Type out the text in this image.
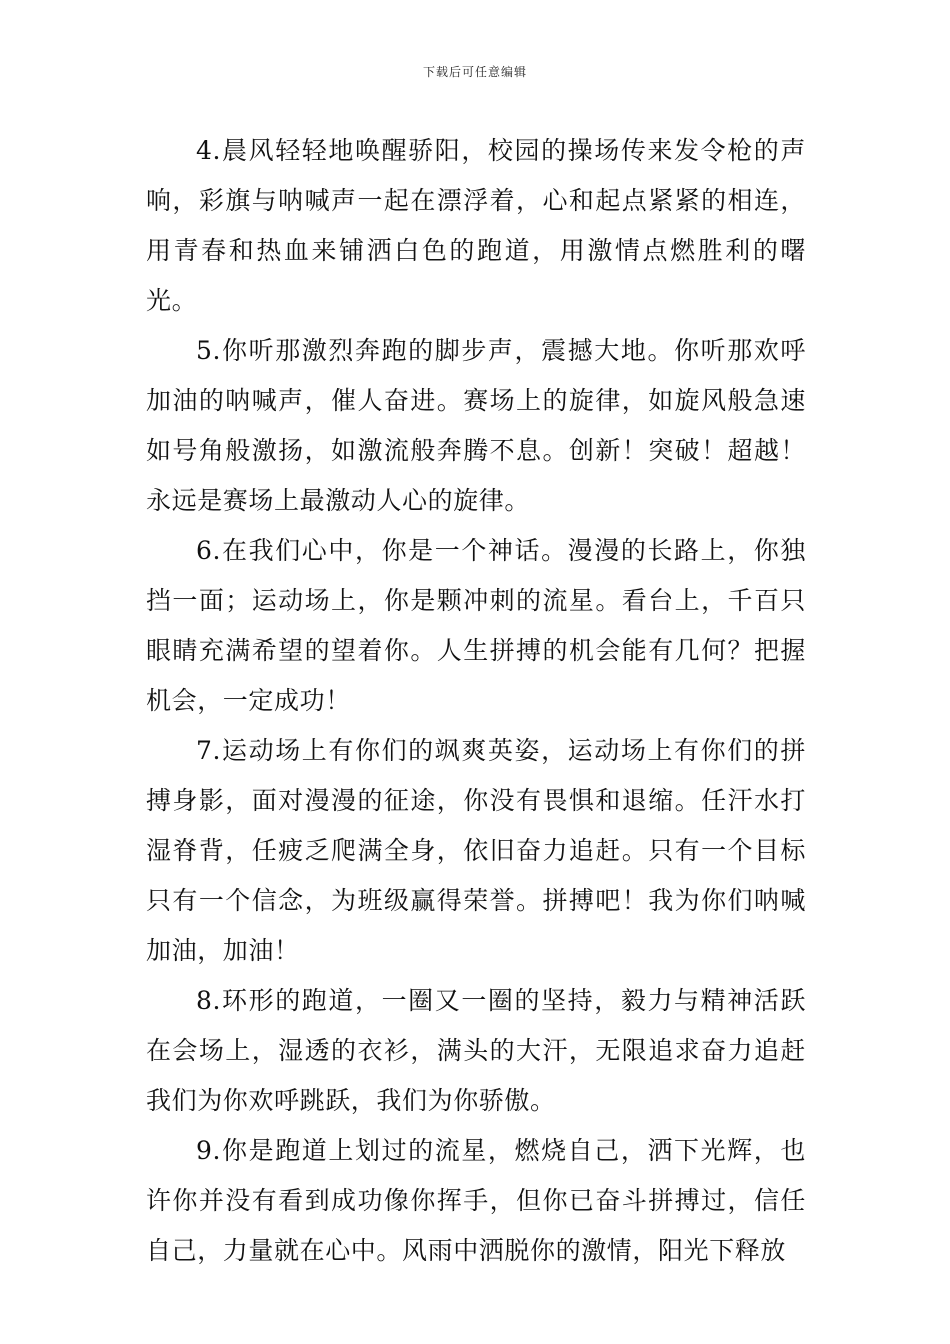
下载后可任意编辑

4.晨风轻轻地唤醒骄阳，校园的操场传来发令枪的声响，彩旗与呐喊声一起在漂浮着，心和起点紧紧的相连，用青春和热血来铺洒白色的跑道，用激情点燃胜利的曙光。

5.你听那激烈奔跑的脚步声，震撼大地。你听那欢呼加油的呐喊声，催人奋进。赛场上的旋律，如旋风般急速如号角般激扬，如激流般奔腾不息。创新！突破！超越！永远是赛场上最激动人心的旋律。

6.在我们心中，你是一个神话。漫漫的长路上，你独挡一面；运动场上，你是颗冲刺的流星。看台上，千百只眼睛充满希望的望着你。人生拼搏的机会能有几何？把握机会，一定成功！

7.运动场上有你们的飒爽英姿，运动场上有你们的拼搏身影，面对漫漫的征途，你没有畏惧和退缩。任汗水打湿脊背，任疲乏爬满全身，依旧奋力追赶。只有一个目标只有一个信念，为班级赢得荣誉。拼搏吧！我为你们呐喊加油，加油！

8.环形的跑道，一圈又一圈的坚持，毅力与精神活跃在会场上，湿透的衣衫，满头的大汗，无限追求奋力追赶我们为你欢呼跳跃，我们为你骄傲。

9.你是跑道上划过的流星，燃烧自己，洒下光辉，也许你并没有看到成功像你挥手，但你已奋斗拼搏过，信任自己，力量就在心中。风雨中洒脱你的激情，阳光下释放
